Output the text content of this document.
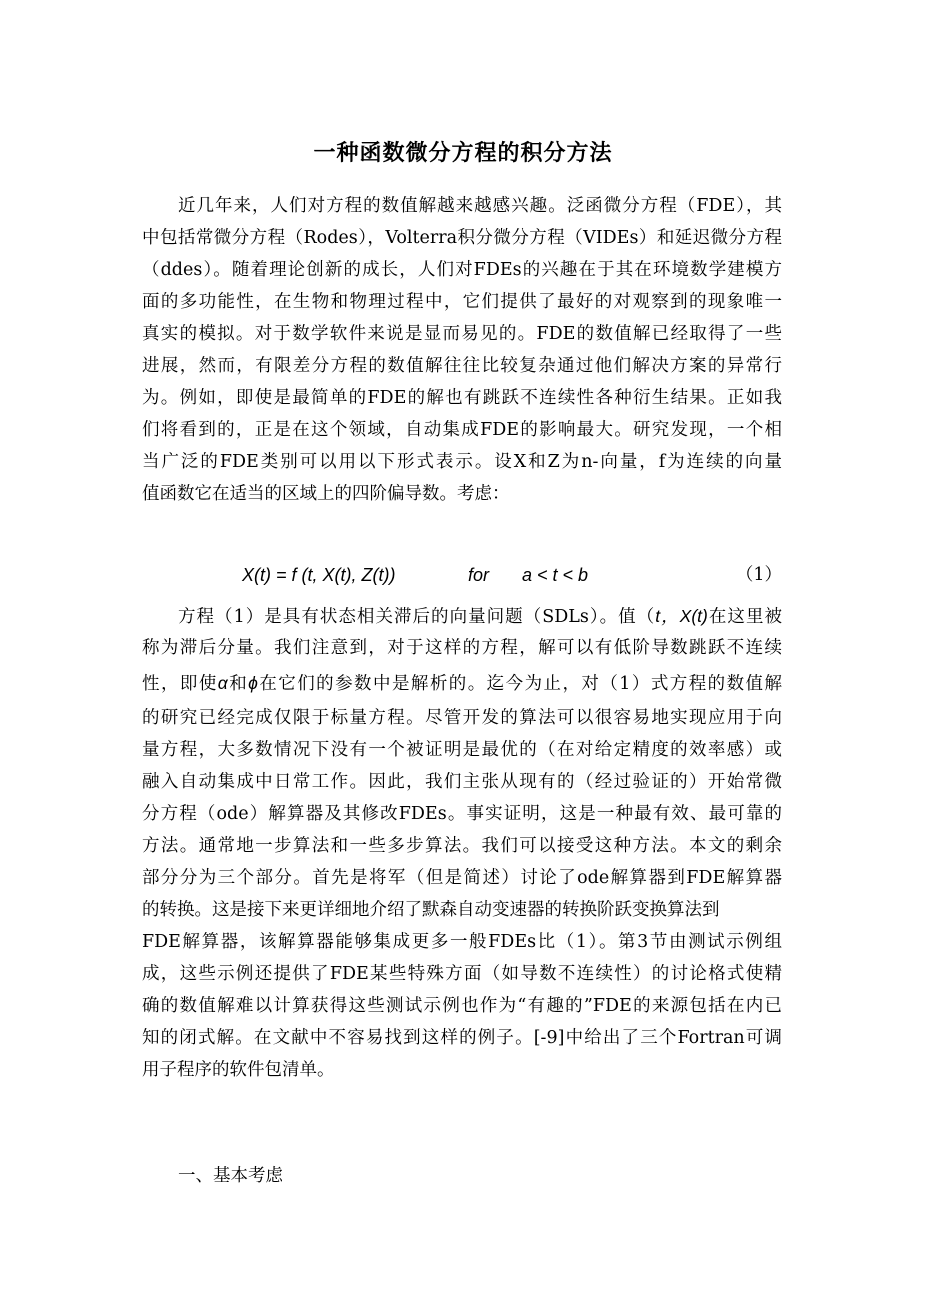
一种函数微分方程的积分方法
近几年来，人们对方程的数值解越来越感兴趣。泛函微分方程（FDE），其
中包括常微分方程（Rodes），Volterra积分微分方程（VIDEs）和延迟微分方程
（ddes）。随着理论创新的成长，人们对FDEs的兴趣在于其在环境数学建模方
面的多功能性，在生物和物理过程中，它们提供了最好的对观察到的现象唯一
真实的模拟。对于数学软件来说是显而易见的。FDE的数值解已经取得了一些
进展，然而，有限差分方程的数值解往往比较复杂通过他们解决方案的异常行
为。例如，即使是最简单的FDE的解也有跳跃不连续性各种衍生结果。正如我
们将看到的，正是在这个领域，自动集成FDE的影响最大。研究发现，一个相
当广泛的FDE类别可以用以下形式表示。设X和Z为n-向量，f为连续的向量
值函数它在适当的区域上的四阶偏导数。考虑：
X(t) = f (t, X(t), Z(t))	for a < t < b	（1）
方程（1）是具有状态相关滞后的向量问题（SDLs）。值（t，X(t)在这里被
称为滞后分量。我们注意到，对于这样的方程，解可以有低阶导数跳跃不连续
性，即使α和ϕ在它们的参数中是解析的。迄今为止，对（1）式方程的数值解
的研究已经完成仅限于标量方程。尽管开发的算法可以很容易地实现应用于向
量方程，大多数情况下没有一个被证明是最优的（在对给定精度的效率感）或
融入自动集成中日常工作。因此，我们主张从现有的（经过验证的）开始常微
分方程（ode）解算器及其修改FDEs。事实证明，这是一种最有效、最可靠的
方法。通常地一步算法和一些多步算法。我们可以接受这种方法。本文的剩余
部分分为三个部分。首先是将军（但是简述）讨论了ode解算器到FDE解算器
的转换。这是接下来更详细地介绍了默森自动变速器的转换阶跃变换算法到
FDE解算器，该解算器能够集成更多一般FDEs比（1）。第3节由测试示例组
成，这些示例还提供了FDE某些特殊方面（如导数不连续性）的讨论格式使精
确的数值解难以计算获得这些测试示例也作为“有趣的”FDE的来源包括在内已
知的闭式解。在文献中不容易找到这样的例子。[-9]中给出了三个Fortran可调
用子程序的软件包清单。
一、基本考虑
